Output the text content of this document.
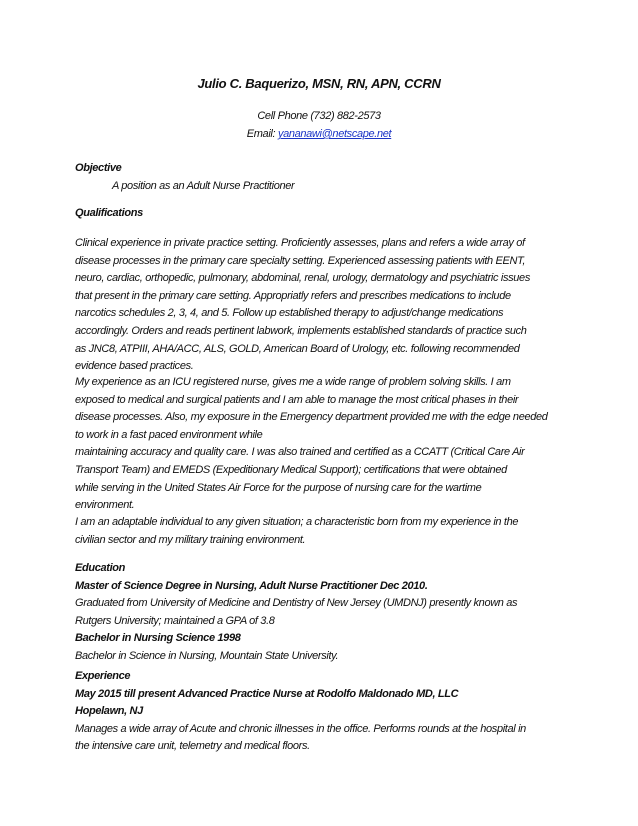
Julio C. Baquerizo, MSN, RN, APN, CCRN
Cell Phone (732) 882-2573
Email: yananawi@netscape.net
Objective
A position as an Adult Nurse Practitioner
Qualifications
Clinical experience in private practice setting. Proficiently assesses, plans and refers a wide array of
disease processes in the primary care specialty setting. Experienced assessing patients with EENT,
neuro, cardiac, orthopedic, pulmonary, abdominal, renal, urology, dermatology and psychiatric issues
that present in the primary care setting. Appropriatly refers and prescribes medications to include
narcotics schedules 2, 3, 4, and 5. Follow up established therapy to adjust/change medications
accordingly. Orders and reads pertinent labwork, implements established standards of practice such
as JNC8, ATPIII, AHA/ACC, ALS, GOLD, American Board of Urology, etc. following recommended
evidence based practices.
My experience as an ICU registered nurse, gives me a wide range of problem solving skills. I am
exposed to medical and surgical patients and I am able to manage the most critical phases in their
disease processes. Also, my exposure in the Emergency department provided me with the edge needed
to work in a fast paced environment while
maintaining accuracy and quality care. I was also trained and certified as a CCATT (Critical Care Air
Transport Team) and EMEDS (Expeditionary Medical Support); certifications that were obtained
while serving in the United States Air Force for the purpose of nursing care for the wartime
environment.
I am an adaptable individual to any given situation; a characteristic born from my experience in the
civilian sector and my military training environment.
Education
Master of Science Degree in Nursing, Adult Nurse Practitioner Dec 2010.
Graduated from University of Medicine and Dentistry of New Jersey (UMDNJ) presently known as
Rutgers University; maintained a GPA of 3.8
Bachelor in Nursing Science 1998
Bachelor in Science in Nursing, Mountain State University.
Experience
May 2015 till present Advanced Practice Nurse at Rodolfo Maldonado MD, LLC
Hopelawn, NJ
Manages a wide array of Acute and chronic illnesses in the office. Performs rounds at the hospital in
the intensive care unit, telemetry and medical floors.
